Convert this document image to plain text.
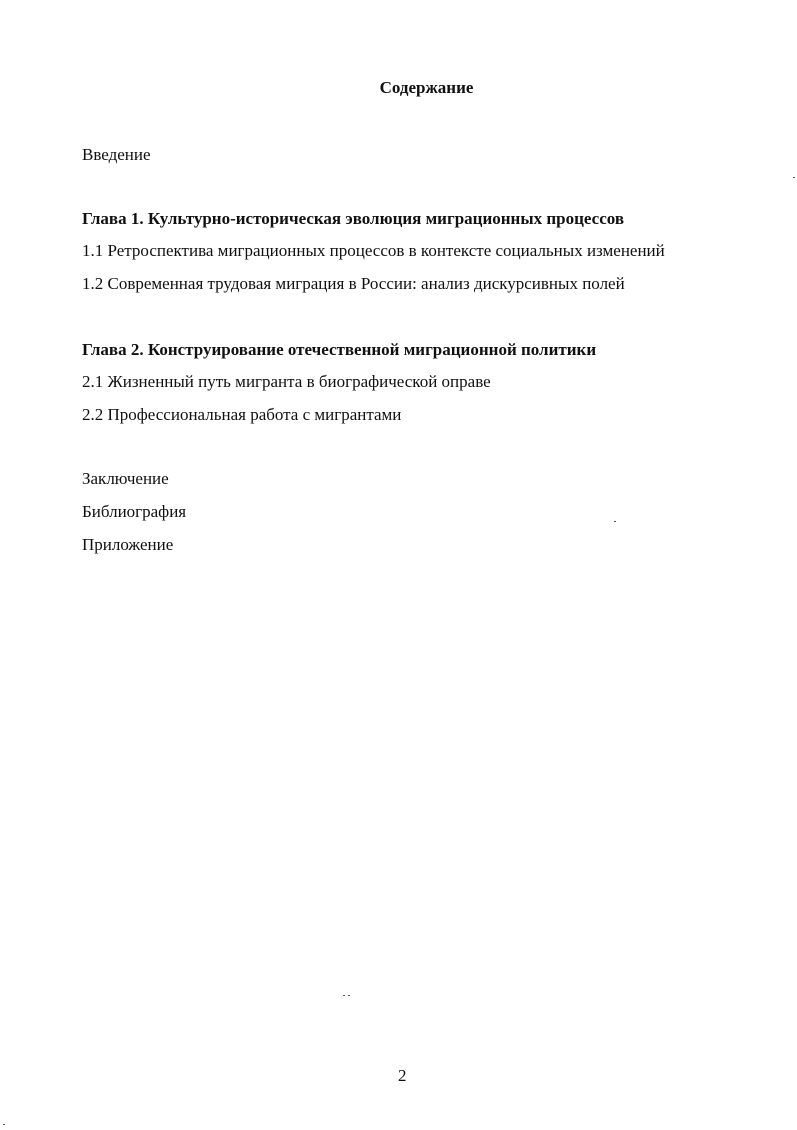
Содержание
Введение
Глава 1. Культурно-историческая эволюция миграционных процессов
1.1 Ретроспектива миграционных процессов в контексте социальных изменений
1.2 Современная трудовая миграция в России: анализ дискурсивных полей
Глава 2. Конструирование отечественной миграционной политики
2.1 Жизненный путь мигранта в биографической оправе
2.2 Профессиональная работа с мигрантами
Заключение
Библиография
Приложение
2
